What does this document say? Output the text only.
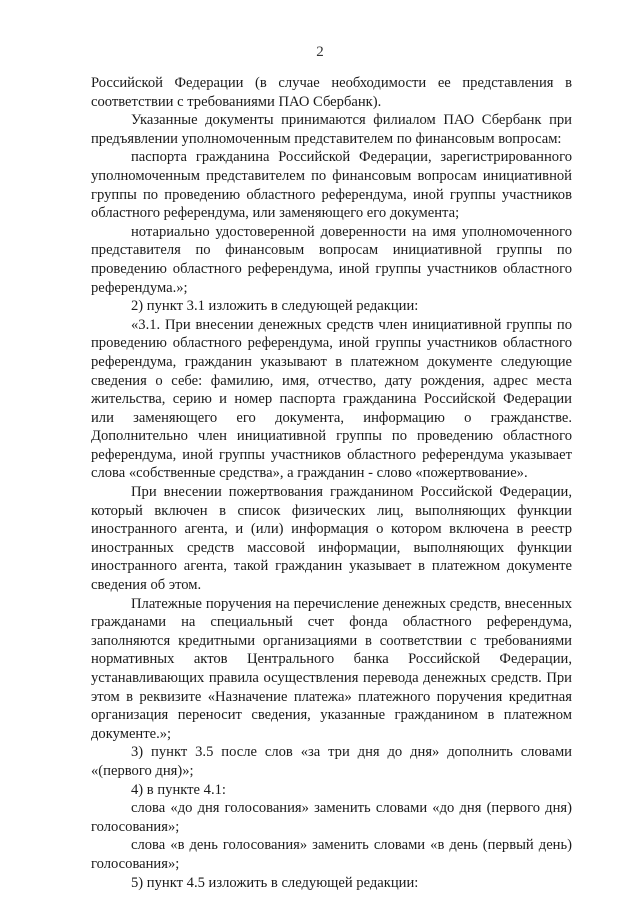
2

Российской Федерации (в случае необходимости ее представления в соответствии с требованиями ПАО Сбербанк).

Указанные документы принимаются филиалом ПАО Сбербанк при предъявлении уполномоченным представителем по финансовым вопросам:

паспорта гражданина Российской Федерации, зарегистрированного уполномоченным представителем по финансовым вопросам инициативной группы по проведению областного референдума, иной группы участников областного референдума, или заменяющего его документа;

нотариально удостоверенной доверенности на имя уполномоченного представителя по финансовым вопросам инициативной группы по проведению областного референдума, иной группы участников областного референдума.»;

2) пункт 3.1 изложить в следующей редакции:

«3.1. При внесении денежных средств член инициативной группы по проведению областного референдума, иной группы участников областного референдума, гражданин указывают в платежном документе следующие сведения о себе: фамилию, имя, отчество, дату рождения, адрес места жительства, серию и номер паспорта гражданина Российской Федерации или заменяющего его документа, информацию о гражданстве. Дополнительно член инициативной группы по проведению областного референдума, иной группы участников областного референдума указывает слова «собственные средства», а гражданин - слово «пожертвование».

При внесении пожертвования гражданином Российской Федерации, который включен в список физических лиц, выполняющих функции иностранного агента, и (или) информация о котором включена в реестр иностранных средств массовой информации, выполняющих функции иностранного агента, такой гражданин указывает в платежном документе сведения об этом.

Платежные поручения на перечисление денежных средств, внесенных гражданами на специальный счет фонда областного референдума, заполняются кредитными организациями в соответствии с требованиями нормативных актов Центрального банка Российской Федерации, устанавливающих правила осуществления перевода денежных средств. При этом в реквизите «Назначение платежа» платежного поручения кредитная организация переносит сведения, указанные гражданином в платежном документе.»;

3) пункт 3.5 после слов «за три дня до дня» дополнить словами «(первого дня)»;

4) в пункте 4.1:

слова «до дня голосования» заменить словами «до дня (первого дня) голосования»;

слова «в день голосования» заменить словами «в день (первый день) голосования»;

5) пункт 4.5 изложить в следующей редакции:
